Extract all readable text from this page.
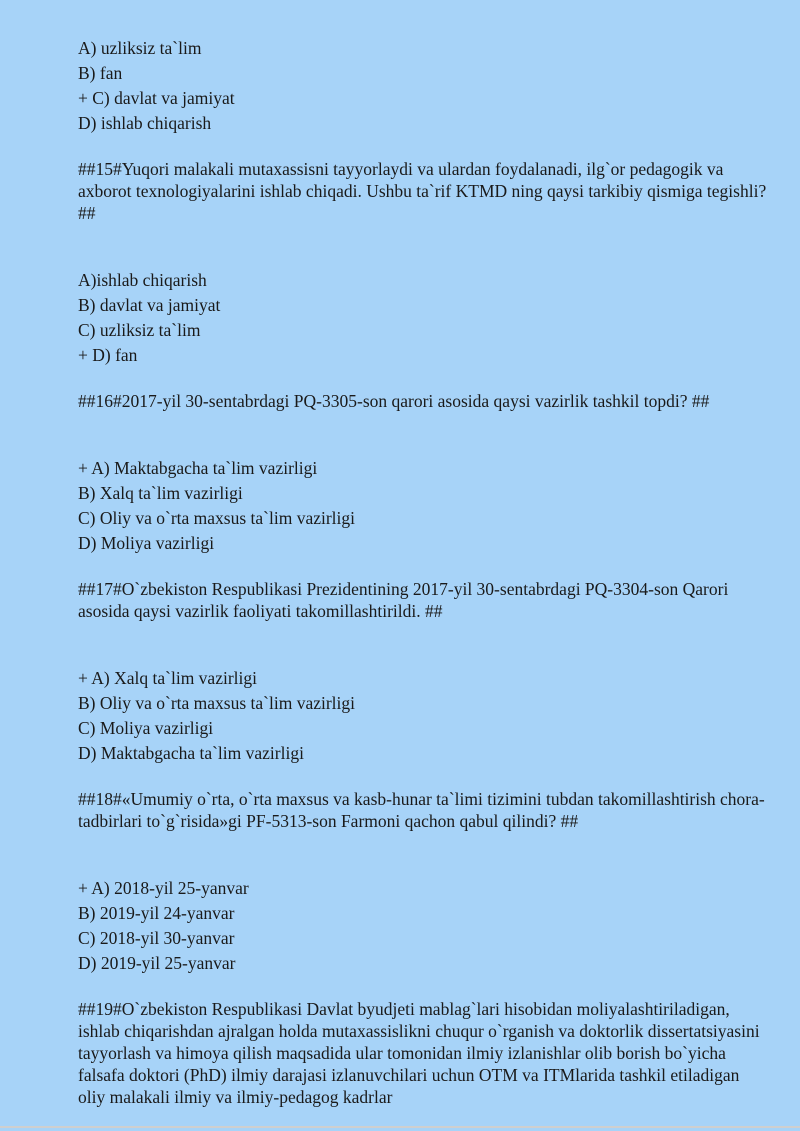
A) uzliksiz ta`lim
B) fan
+ C) davlat va jamiyat
D) ishlab chiqarish
##15#Yuqori malakali mutaxassisni tayyorlaydi va ulardan foydalanadi, ilg`or pedagogik va axborot texnologiyalarini ishlab chiqadi. Ushbu ta`rif KTMD ning qaysi tarkibiy qismiga tegishli? ##
A)ishlab chiqarish
B) davlat va jamiyat
C) uzliksiz ta`lim
+ D) fan
##16#2017-yil 30-sentabrdagi PQ-3305-son qarori asosida qaysi vazirlik tashkil topdi? ##
+ A) Maktabgacha ta`lim vazirligi
B) Xalq ta`lim vazirligi
C) Oliy va o`rta maxsus ta`lim vazirligi
D) Moliya vazirligi
##17#O`zbekiston Respublikasi Prezidentining 2017-yil 30-sentabrdagi PQ-3304-son Qarori asosida qaysi vazirlik faoliyati takomillashtirildi. ##
+ A) Xalq ta`lim vazirligi
B) Oliy va o`rta maxsus ta`lim vazirligi
C) Moliya vazirligi
D) Maktabgacha ta`lim vazirligi
##18#«Umumiy o`rta, o`rta maxsus va kasb-hunar ta`limi tizimini tubdan takomillashtirish chora-tadbirlari to`g`risida»gi PF-5313-son Farmoni qachon qabul qilindi? ##
+ A) 2018-yil 25-yanvar
B) 2019-yil 24-yanvar
C) 2018-yil 30-yanvar
D) 2019-yil 25-yanvar
##19#O`zbekiston Respublikasi Davlat byudjeti mablag`lari hisobidan moliyalashtiriladigan, ishlab chiqarishdan ajralgan holda mutaxassislikni chuqur o`rganish va doktorlik dissertatsiyasini tayyorlash va himoya qilish maqsadida ular tomonidan ilmiy izlanishlar olib borish bo`yicha falsafa doktori (PhD) ilmiy darajasi izlanuvchilari uchun OTM va ITMlarida tashkil etiladigan oliy malakali ilmiy va ilmiy-pedagog kadrlar
